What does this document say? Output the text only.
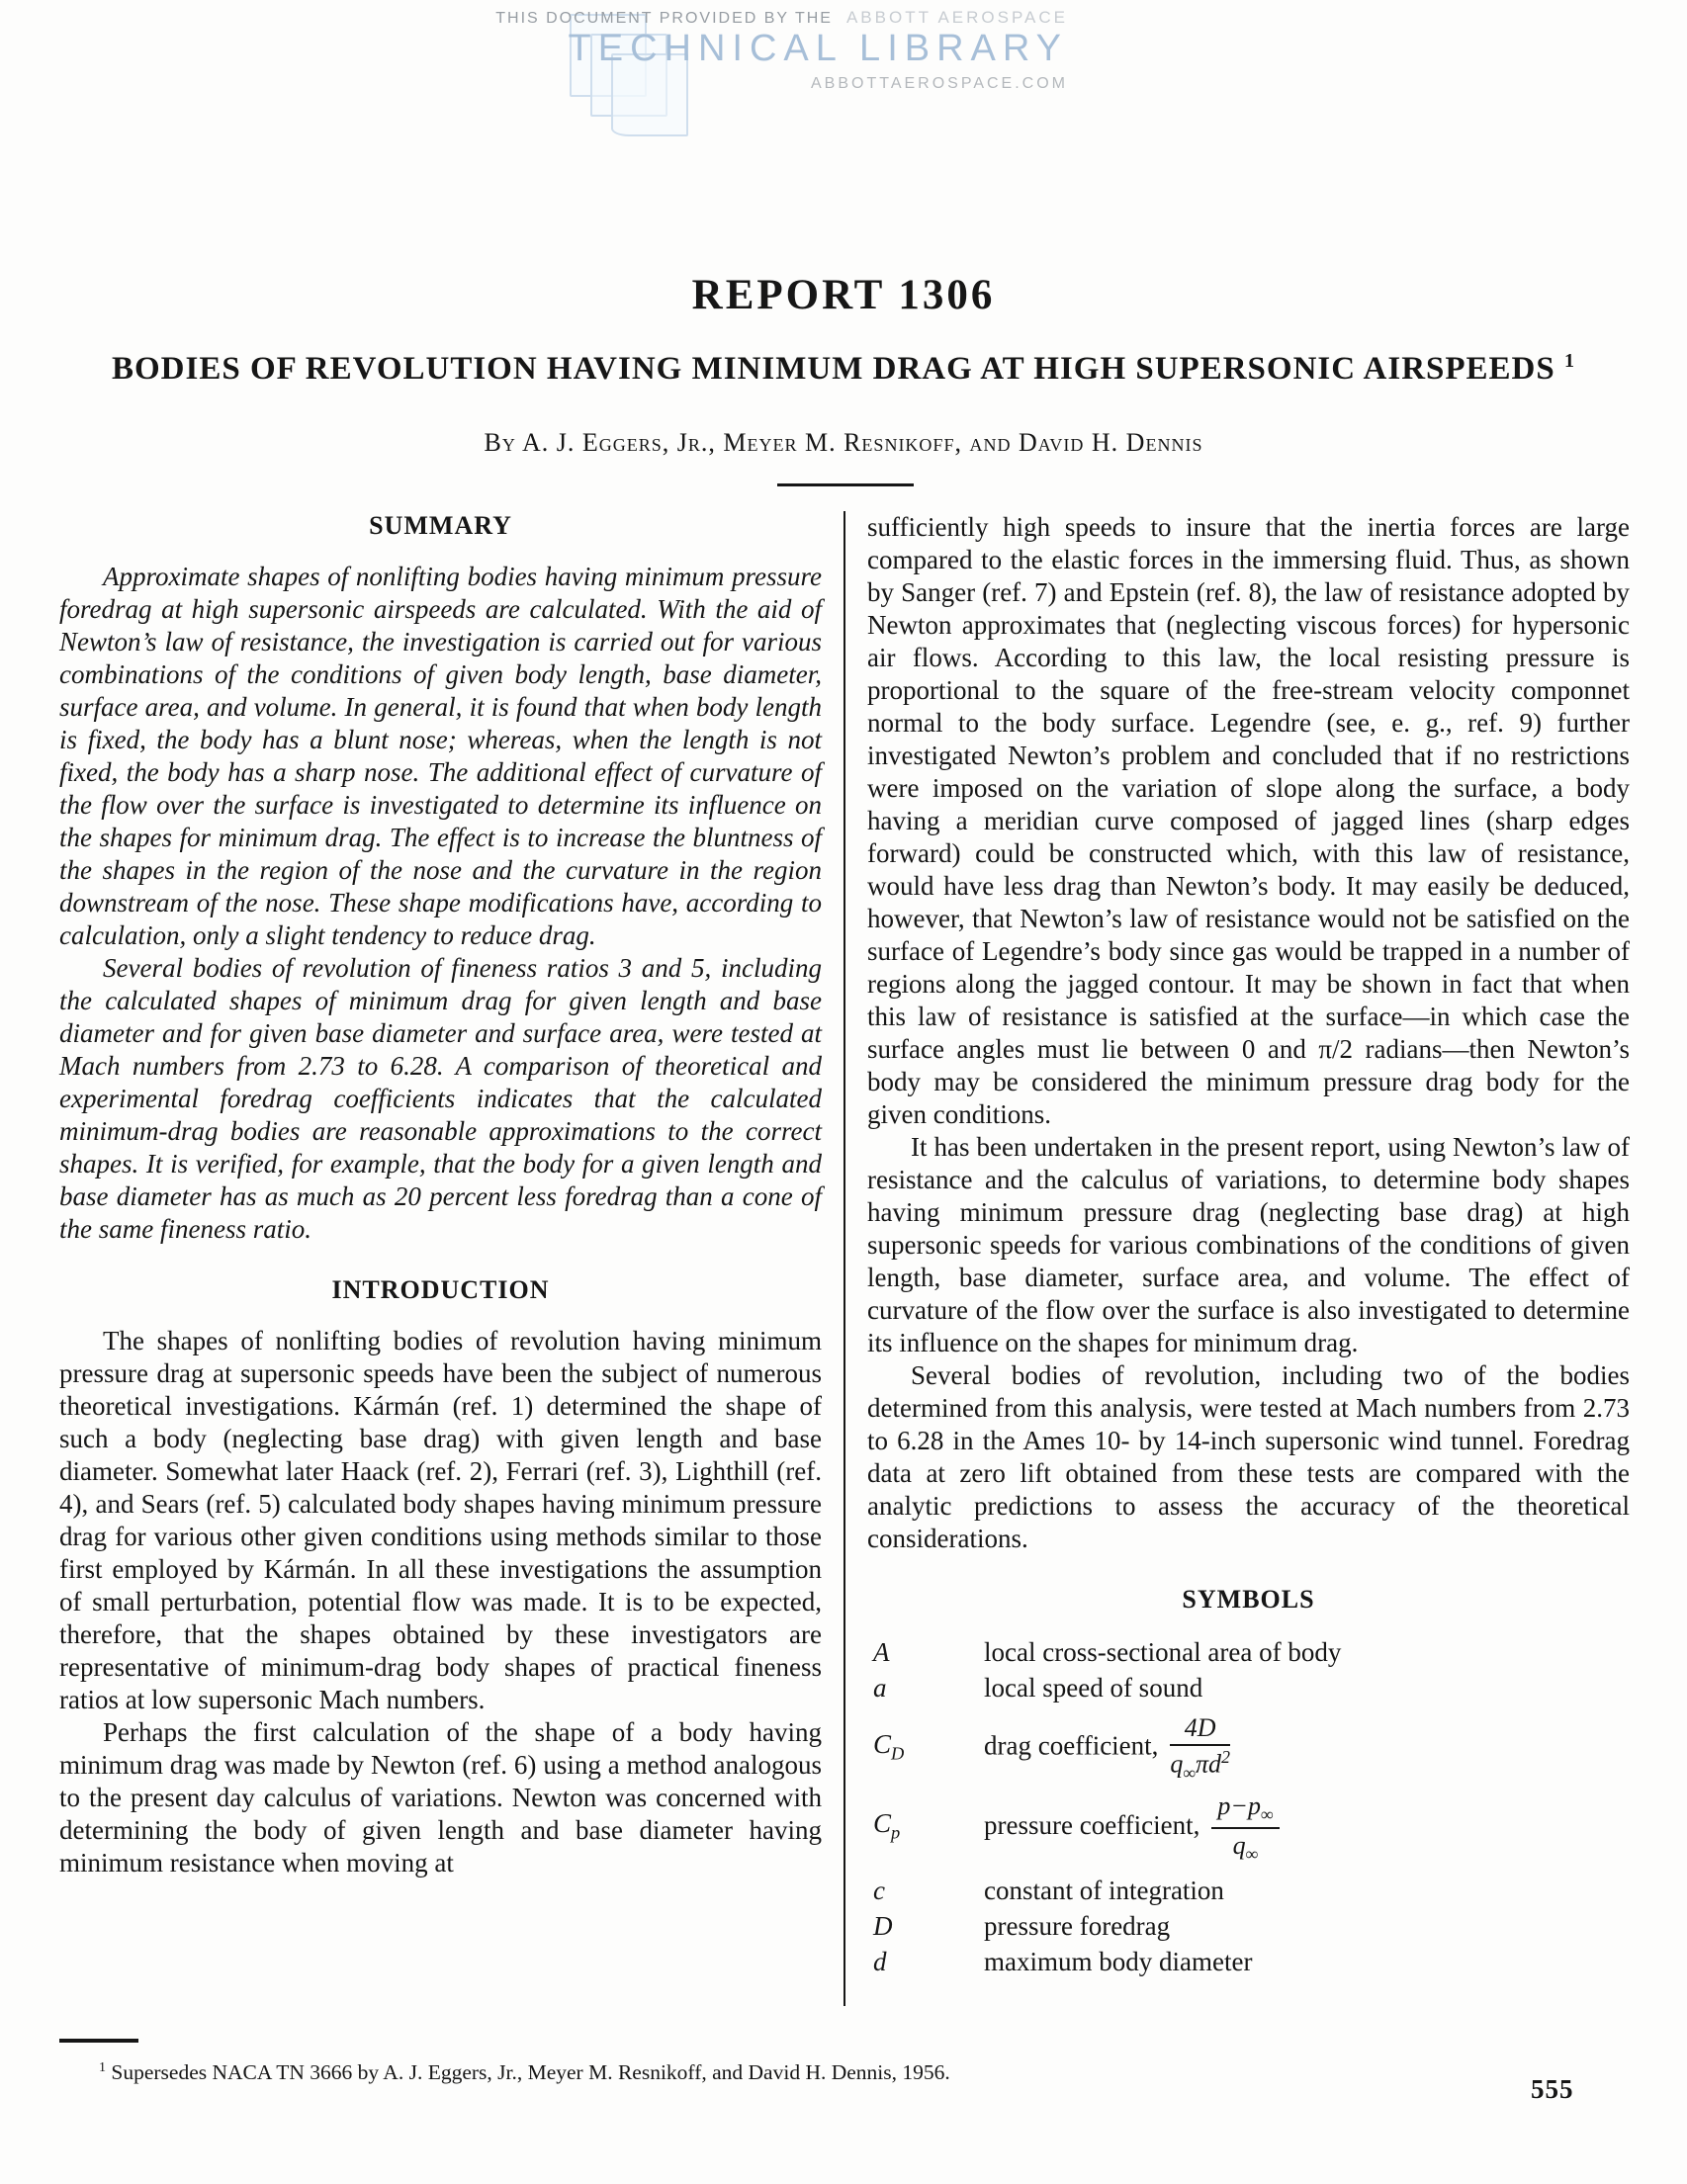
THIS DOCUMENT PROVIDED BY THE ABBOTT AEROSPACE
TECHNICAL LIBRARY
ABBOTTAEROSPACE.COM
REPORT 1306
BODIES OF REVOLUTION HAVING MINIMUM DRAG AT HIGH SUPERSONIC AIRSPEEDS $^1$
By A. J. Eggers, Jr., Meyer M. Resnikoff, and David H. Dennis
SUMMARY

Approximate shapes of nonlifting bodies having minimum pressure foredrag at high supersonic airspeeds are calculated. With the aid of Newton’s law of resistance, the investigation is carried out for various combinations of the conditions of given body length, base diameter, surface area, and volume. In general, it is found that when body length is fixed, the body has a blunt nose; whereas, when the length is not fixed, the body has a sharp nose. The additional effect of curvature of the flow over the surface is investigated to determine its influence on the shapes for minimum drag. The effect is to increase the bluntness of the shapes in the region of the nose and the curvature in the region downstream of the nose. These shape modifications have, according to calculation, only a slight tendency to reduce drag.

Several bodies of revolution of fineness ratios 3 and 5, including the calculated shapes of minimum drag for given length and base diameter and for given base diameter and surface area, were tested at Mach numbers from 2.73 to 6.28. A comparison of theoretical and experimental foredrag coefficients indicates that the calculated minimum-drag bodies are reasonable approximations to the correct shapes. It is verified, for example, that the body for a given length and base diameter has as much as 20 percent less foredrag than a cone of the same fineness ratio.

INTRODUCTION

The shapes of nonlifting bodies of revolution having minimum pressure drag at supersonic speeds have been the subject of numerous theoretical investigations. Kármán (ref. 1) determined the shape of such a body (neglecting base drag) with given length and base diameter. Somewhat later Haack (ref. 2), Ferrari (ref. 3), Lighthill (ref. 4), and Sears (ref. 5) calculated body shapes having minimum pressure drag for various other given conditions using methods similar to those first employed by Kármán. In all these investigations the assumption of small perturbation, potential flow was made. It is to be expected, therefore, that the shapes obtained by these investigators are representative of minimum-drag body shapes of practical fineness ratios at low supersonic Mach numbers.

Perhaps the first calculation of the shape of a body having minimum drag was made by Newton (ref. 6) using a method analogous to the present day calculus of variations. Newton was concerned with determining the body of given length and base diameter having minimum resistance when moving at

sufficiently high speeds to insure that the inertia forces are large compared to the elastic forces in the immersing fluid. Thus, as shown by Sanger (ref. 7) and Epstein (ref. 8), the law of resistance adopted by Newton approximates that (neglecting viscous forces) for hypersonic air flows. According to this law, the local resisting pressure is proportional to the square of the free-stream velocity componnet normal to the body surface. Legendre (see, e. g., ref. 9) further investigated Newton’s problem and concluded that if no restrictions were imposed on the variation of slope along the surface, a body having a meridian curve composed of jagged lines (sharp edges forward) could be constructed which, with this law of resistance, would have less drag than Newton’s body. It may easily be deduced, however, that Newton’s law of resistance would not be satisfied on the surface of Legendre’s body since gas would be trapped in a number of regions along the jagged contour. It may be shown in fact that when this law of resistance is satisfied at the surface—in which case the surface angles must lie between 0 and π/2 radians—then Newton’s body may be considered the minimum pressure drag body for the given conditions.

It has been undertaken in the present report, using Newton’s law of resistance and the calculus of variations, to determine body shapes having minimum pressure drag (neglecting base drag) at high supersonic speeds for various combinations of the conditions of given length, base diameter, surface area, and volume. The effect of curvature of the flow over the surface is also investigated to determine its influence on the shapes for minimum drag.

Several bodies of revolution, including two of the bodies determined from this analysis, were tested at Mach numbers from 2.73 to 6.28 in the Ames 10- by 14-inch supersonic wind tunnel. Foredrag data at zero lift obtained from these tests are compared with the analytic predictions to assess the accuracy of the theoretical considerations.

SYMBOLS
A	local cross-sectional area of body
a	local speed of sound
$C_D$	drag coefficient, $\frac{4D}{q_\infty\pi d^2}$
$C_p$	pressure coefficient, $\frac{p-p_\infty}{q_\infty}$
c	constant of integration
D	pressure foredrag
d	maximum body diameter
$^1$ Supersedes NACA TN 3666 by A. J. Eggers, Jr., Meyer M. Resnikoff, and David H. Dennis, 1956.
555
